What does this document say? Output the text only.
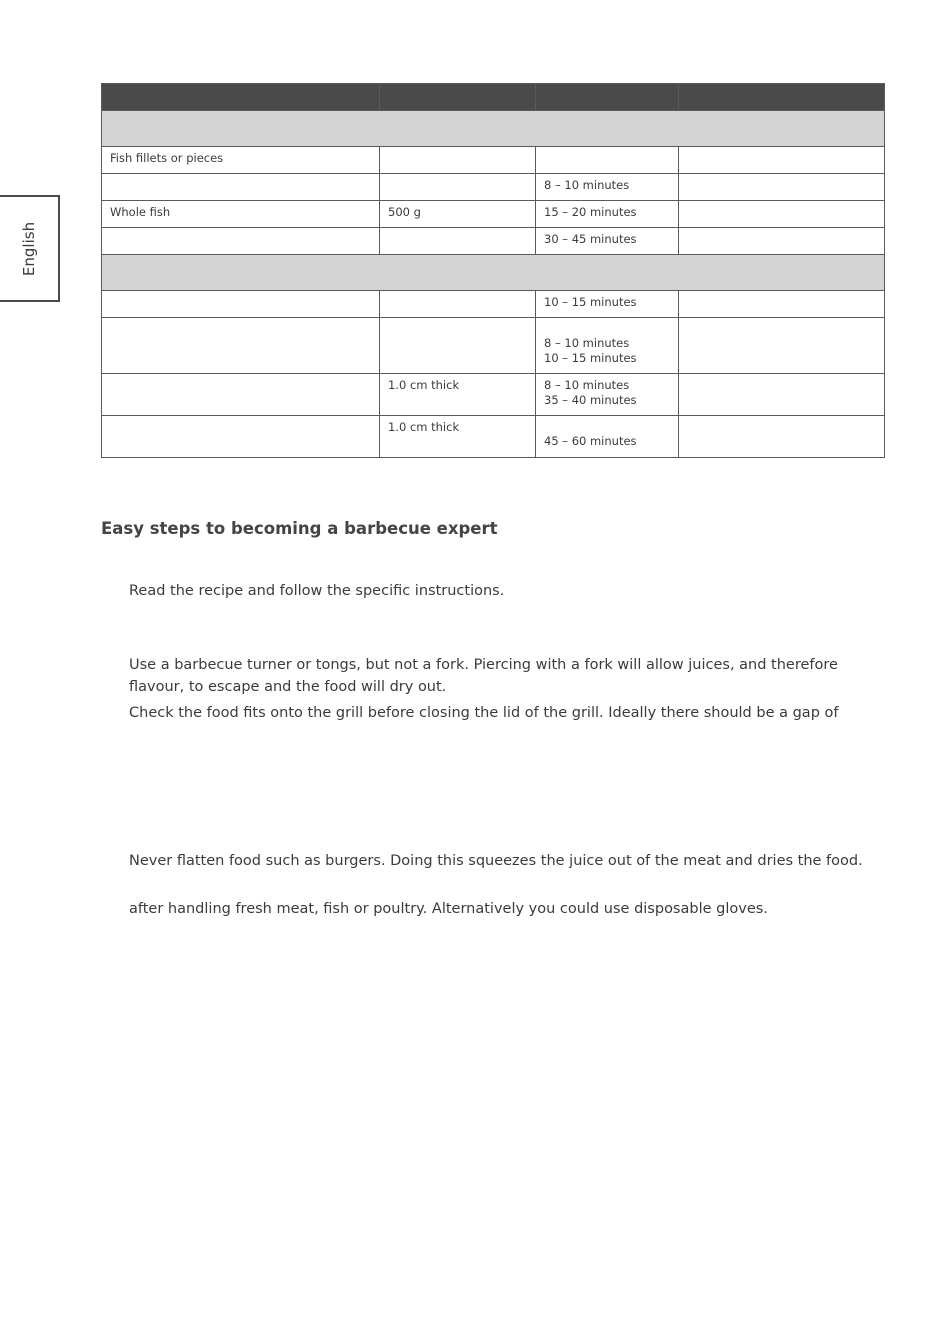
English

Fish fillets or pieces			
		8 – 10 minutes	
Whole fish	500 g	15 – 20 minutes	
		30 – 45 minutes	

		10 – 15 minutes	

		8 – 10 minutes
10 – 15 minutes	

	1.0 cm thick	8 – 10 minutes
35 – 40 minutes	

	1.0 cm thick	45 – 60 minutes	
Easy steps to becoming a barbecue expert
Read the recipe and follow the specific instructions.
Use a barbecue turner or tongs, but not a fork. Piercing with a fork will allow juices, and therefore flavour, to escape and the food will dry out.
Check the food fits onto the grill before closing the lid of the grill. Ideally there should be a gap of
Never flatten food such as burgers. Doing this squeezes the juice out of the meat and dries the food.
after handling fresh meat, fish or poultry. Alternatively you could use disposable gloves.
